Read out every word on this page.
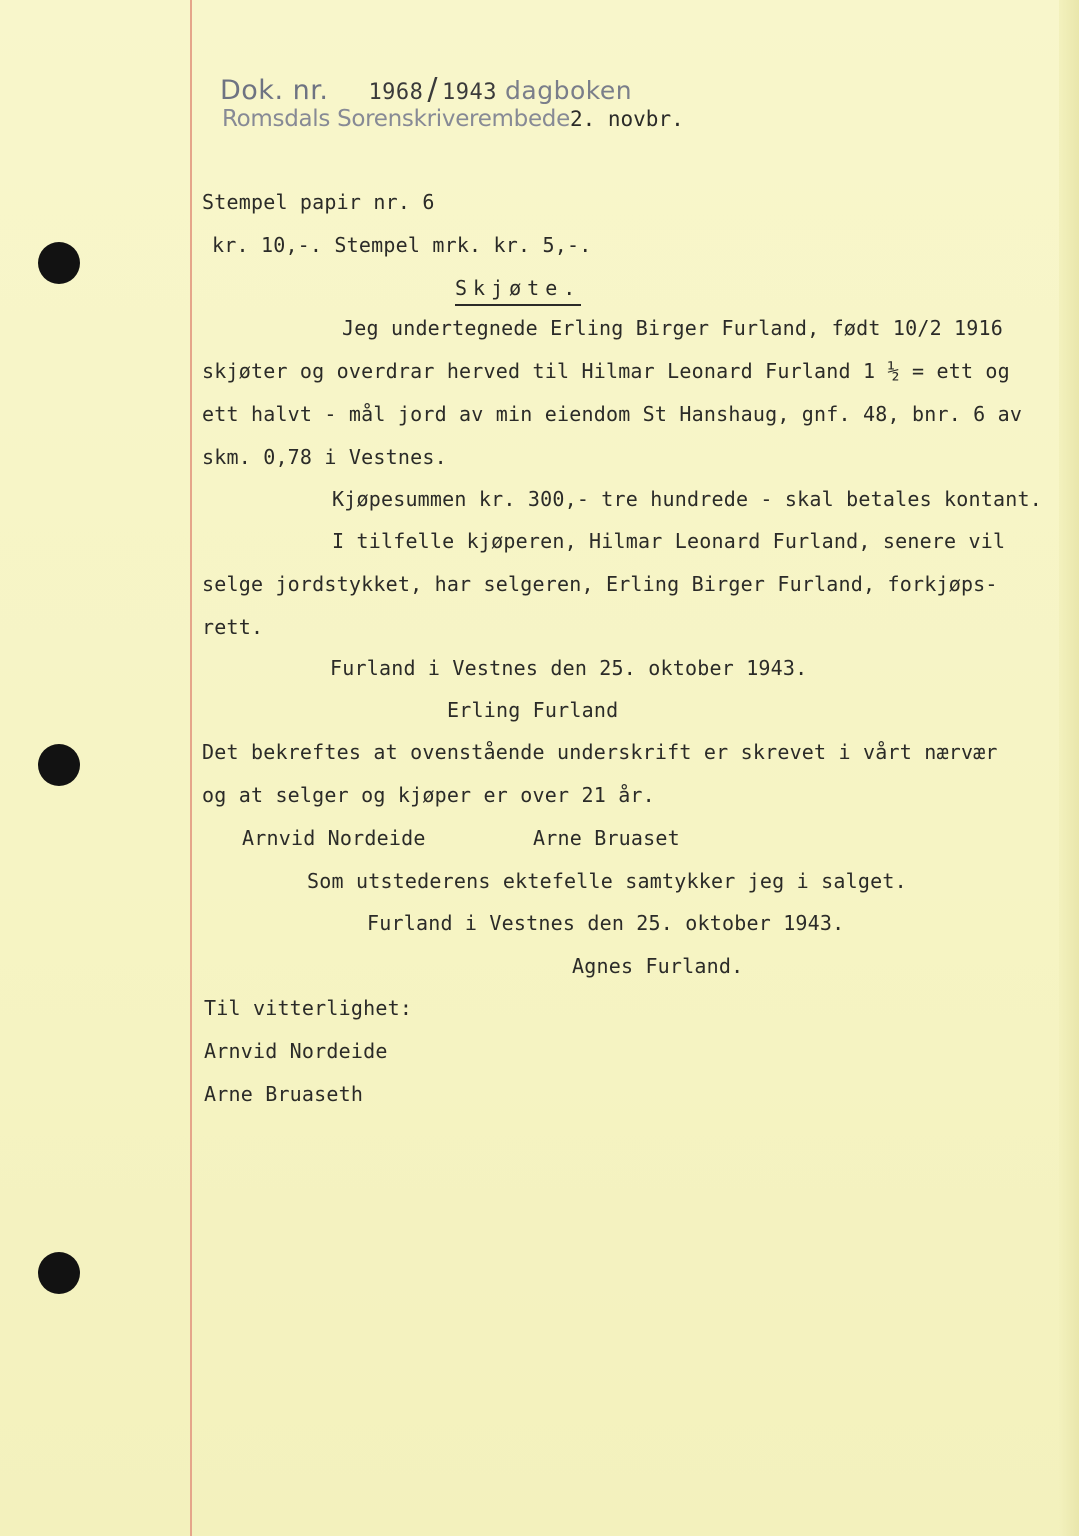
Dok. nr. 1968 / 1943 dagboken
Romsdals Sorenskriverembede2. novbr.
Stempel papir nr. 6
kr. 10,-. Stempel mrk. kr. 5,-.
Skjøte.
Jeg undertegnede Erling Birger Furland, født 10/2 1916
skjøter og overdrar herved til Hilmar Leonard Furland 1 ½ = ett og
ett halvt - mål jord av min eiendom St Hanshaug, gnf. 48, bnr. 6 av
skm. 0,78 i Vestnes.
Kjøpesummen kr. 300,- tre hundrede - skal betales kontant.
I tilfelle kjøperen, Hilmar Leonard Furland, senere vil
selge jordstykket, har selgeren, Erling Birger Furland, forkjøps-
rett.
Furland i Vestnes den 25. oktober 1943.
Erling Furland
Det bekreftes at ovenstående underskrift er skrevet i vårt nærvær
og at selger og kjøper er over 21 år.
Arnvid Nordeide	Arne Bruaset
Som utstederens ektefelle samtykker jeg i salget.
Furland i Vestnes den 25. oktober 1943.
Agnes Furland.
Til vitterlighet:
Arnvid Nordeide
Arne Bruaseth
